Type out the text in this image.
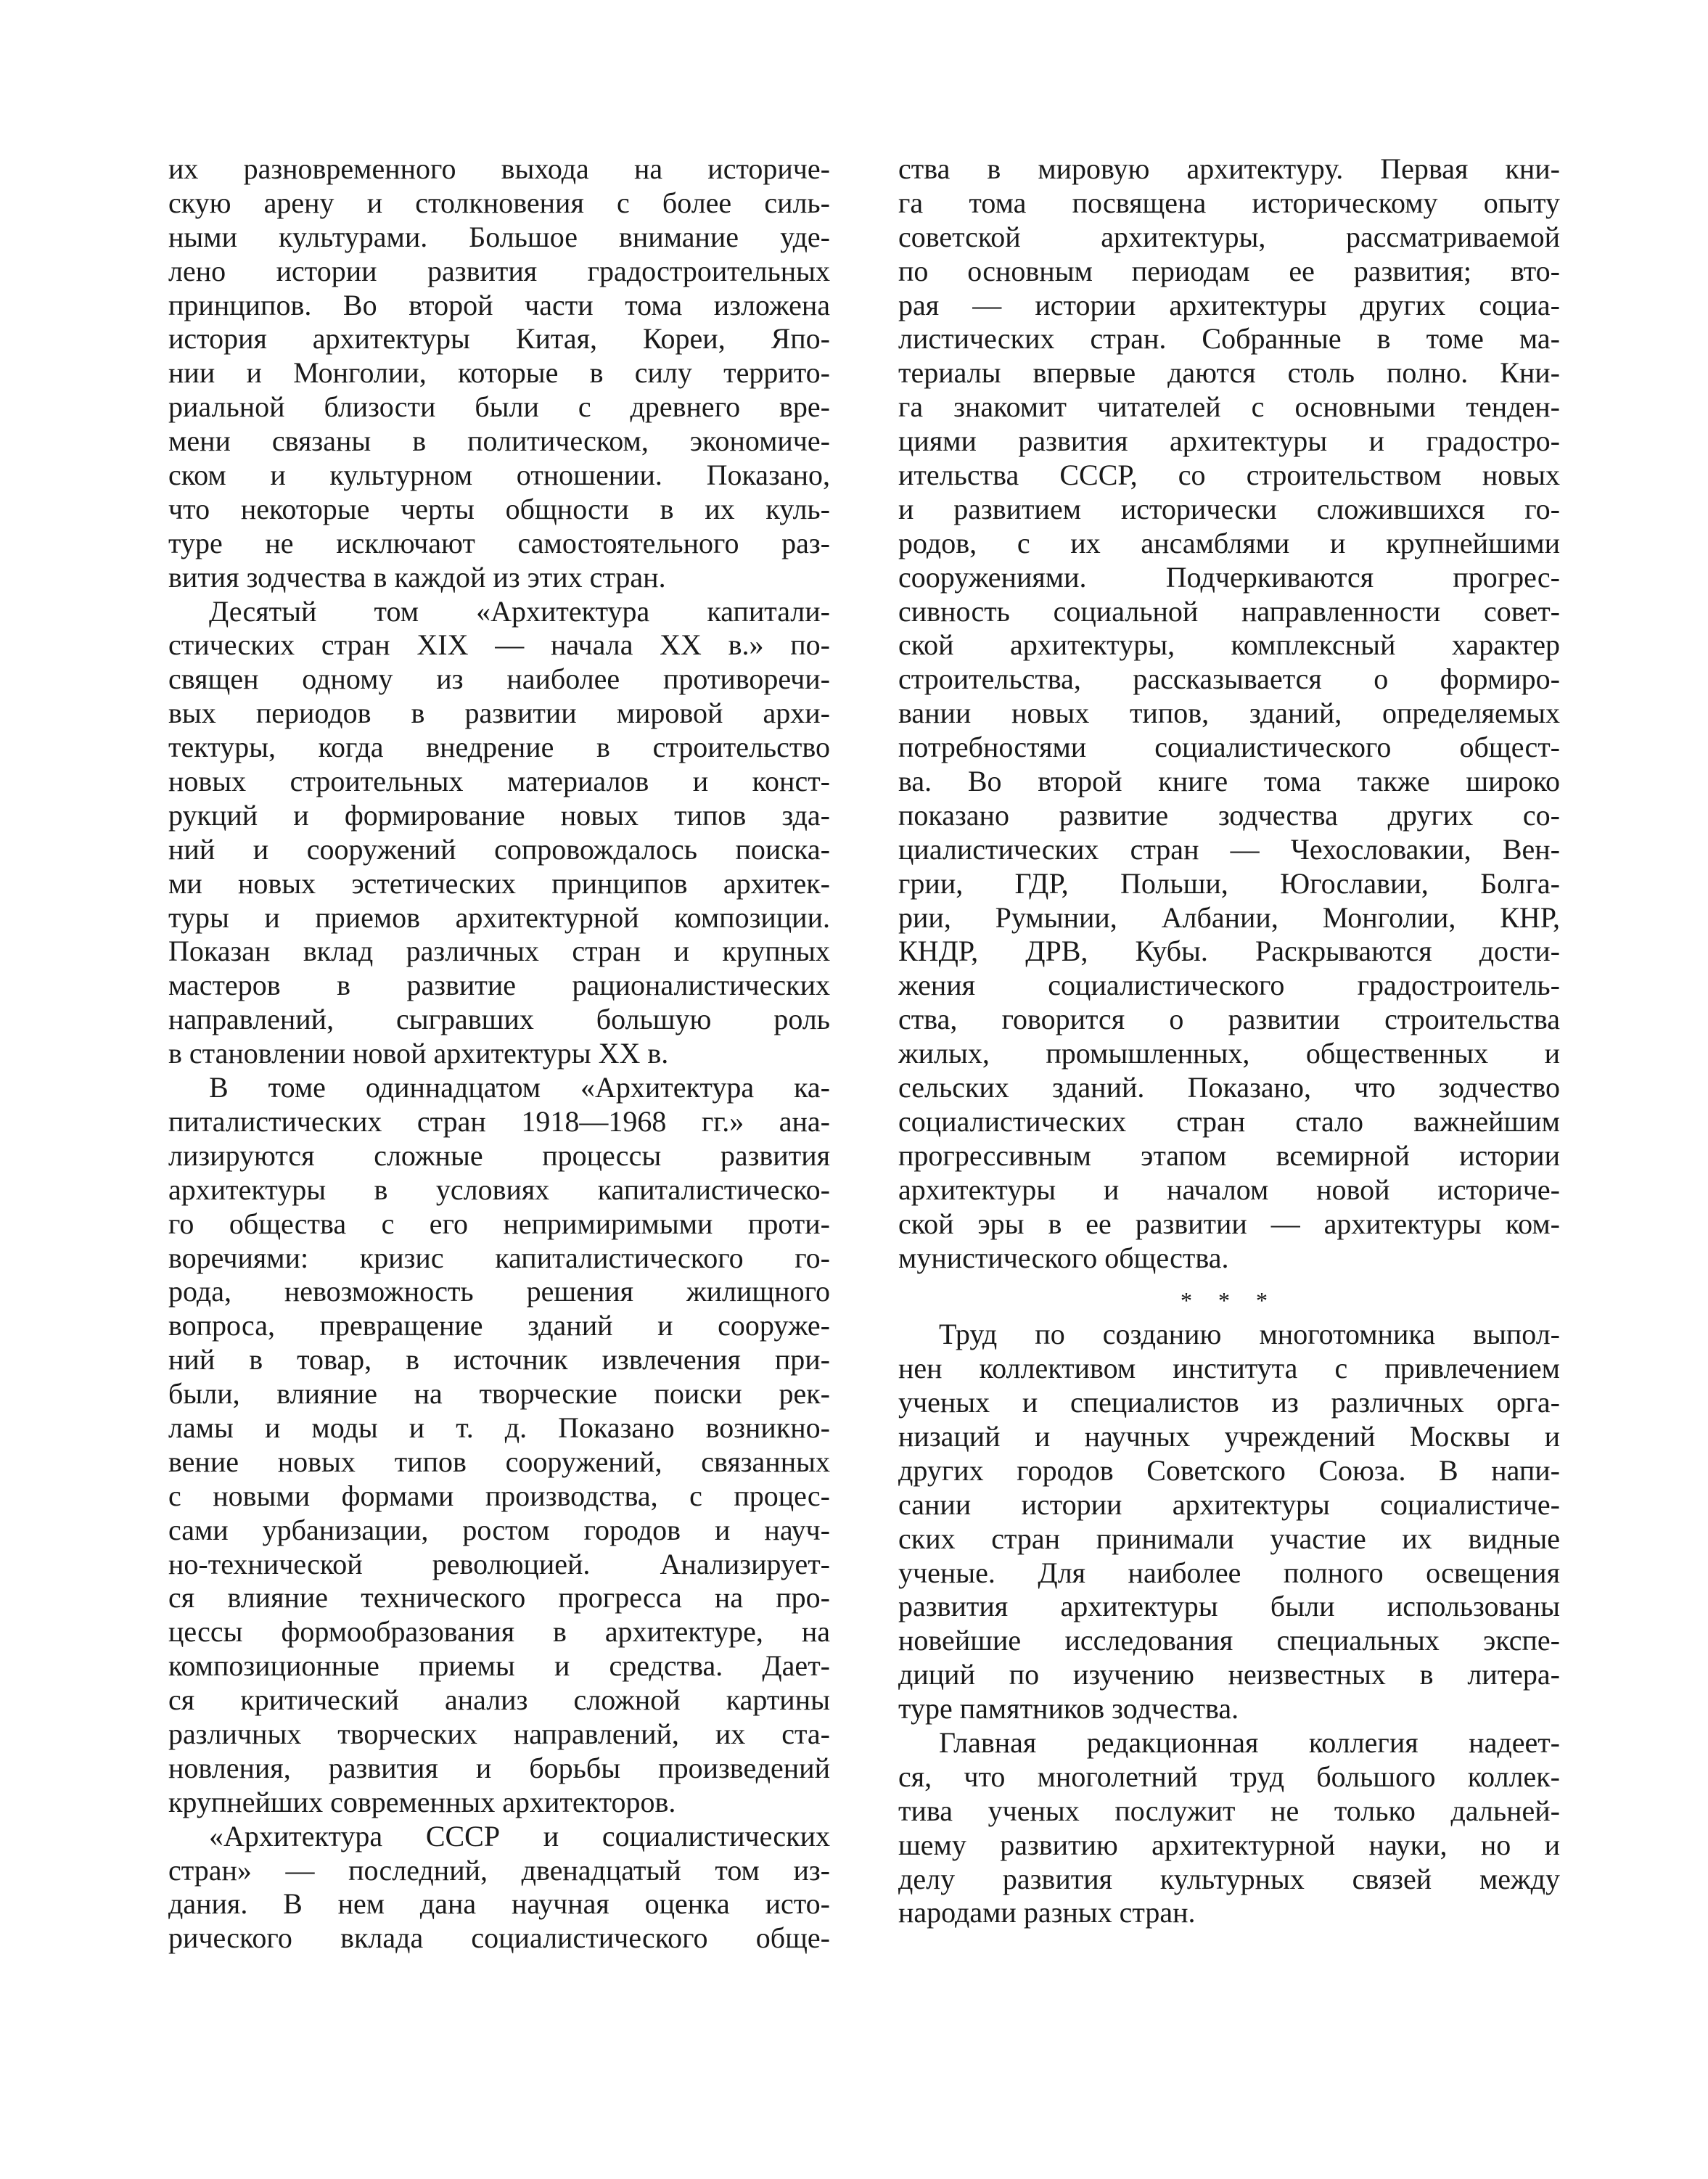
их разновременного выхода на историче-
скую арену и столкновения с более силь-
ными культурами. Большое внимание уде-
лено истории развития градостроительных
принципов. Во второй части тома изложена
история архитектуры Китая, Кореи, Япо-
нии и Монголии, которые в силу террито-
риальной близости были с древнего вре-
мени связаны в политическом, экономиче-
ском и культурном отношении. Показано,
что некоторые черты общности в их куль-
туре не исключают самостоятельного раз-
вития зодчества в каждой из этих стран.
Десятый том «Архитектура капитали-
стических стран XIX — начала XX в.» по-
священ одному из наиболее противоречи-
вых периодов в развитии мировой архи-
тектуры, когда внедрение в строительство
новых строительных материалов и конст-
рукций и формирование новых типов зда-
ний и сооружений сопровождалось поиска-
ми новых эстетических принципов архитек-
туры и приемов архитектурной композиции.
Показан вклад различных стран и крупных
мастеров в развитие рационалистических
направлений, сыгравших большую роль
в становлении новой архитектуры XX в.
В томе одиннадцатом «Архитектура ка-
питалистических стран 1918—1968 гг.» ана-
лизируются сложные процессы развития
архитектуры в условиях капиталистическо-
го общества с его непримиримыми проти-
воречиями: кризис капиталистического го-
рода, невозможность решения жилищного
вопроса, превращение зданий и сооруже-
ний в товар, в источник извлечения при-
были, влияние на творческие поиски рек-
ламы и моды и т. д. Показано возникно-
вение новых типов сооружений, связанных
с новыми формами производства, с процес-
сами урбанизации, ростом городов и науч-
но-технической революцией. Анализирует-
ся влияние технического прогресса на про-
цессы формообразования в архитектуре, на
композиционные приемы и средства. Дает-
ся критический анализ сложной картины
различных творческих направлений, их ста-
новления, развития и борьбы произведений
крупнейших современных архитекторов.
«Архитектура СССР и социалистических
стран» — последний, двенадцатый том из-
дания. В нем дана научная оценка исто-
рического вклада социалистического обще-
ства в мировую архитектуру. Первая кни-
га тома посвящена историческому опыту
советской архитектуры, рассматриваемой
по основным периодам ее развития; вто-
рая — истории архитектуры других социа-
листических стран. Собранные в томе ма-
териалы впервые даются столь полно. Кни-
га знакомит читателей с основными тенден-
циями развития архитектуры и градостро-
ительства СССР, со строительством новых
и развитием исторически сложившихся го-
родов, с их ансамблями и крупнейшими
сооружениями. Подчеркиваются прогрес-
сивность социальной направленности совет-
ской архитектуры, комплексный характер
строительства, рассказывается о формиро-
вании новых типов, зданий, определяемых
потребностями социалистического общест-
ва. Во второй книге тома также широко
показано развитие зодчества других со-
циалистических стран — Чехословакии, Вен-
грии, ГДР, Польши, Югославии, Болга-
рии, Румынии, Албании, Монголии, КНР,
КНДР, ДРВ, Кубы. Раскрываются дости-
жения социалистического градостроитель-
ства, говорится о развитии строительства
жилых, промышленных, общественных и
сельских зданий. Показано, что зодчество
социалистических стран стало важнейшим
прогрессивным этапом всемирной истории
архитектуры и началом новой историче-
ской эры в ее развитии — архитектуры ком-
мунистического общества.
* * *
Труд по созданию многотомника выпол-
нен коллективом института с привлечением
ученых и специалистов из различных орга-
низаций и научных учреждений Москвы и
других городов Советского Союза. В напи-
сании истории архитектуры социалистиче-
ских стран принимали участие их видные
ученые. Для наиболее полного освещения
развития архитектуры были использованы
новейшие исследования специальных экспе-
диций по изучению неизвестных в литера-
туре памятников зодчества.
Главная редакционная коллегия надеет-
ся, что многолетний труд большого коллек-
тива ученых послужит не только дальней-
шему развитию архитектурной науки, но и
делу развития культурных связей между
народами разных стран.
